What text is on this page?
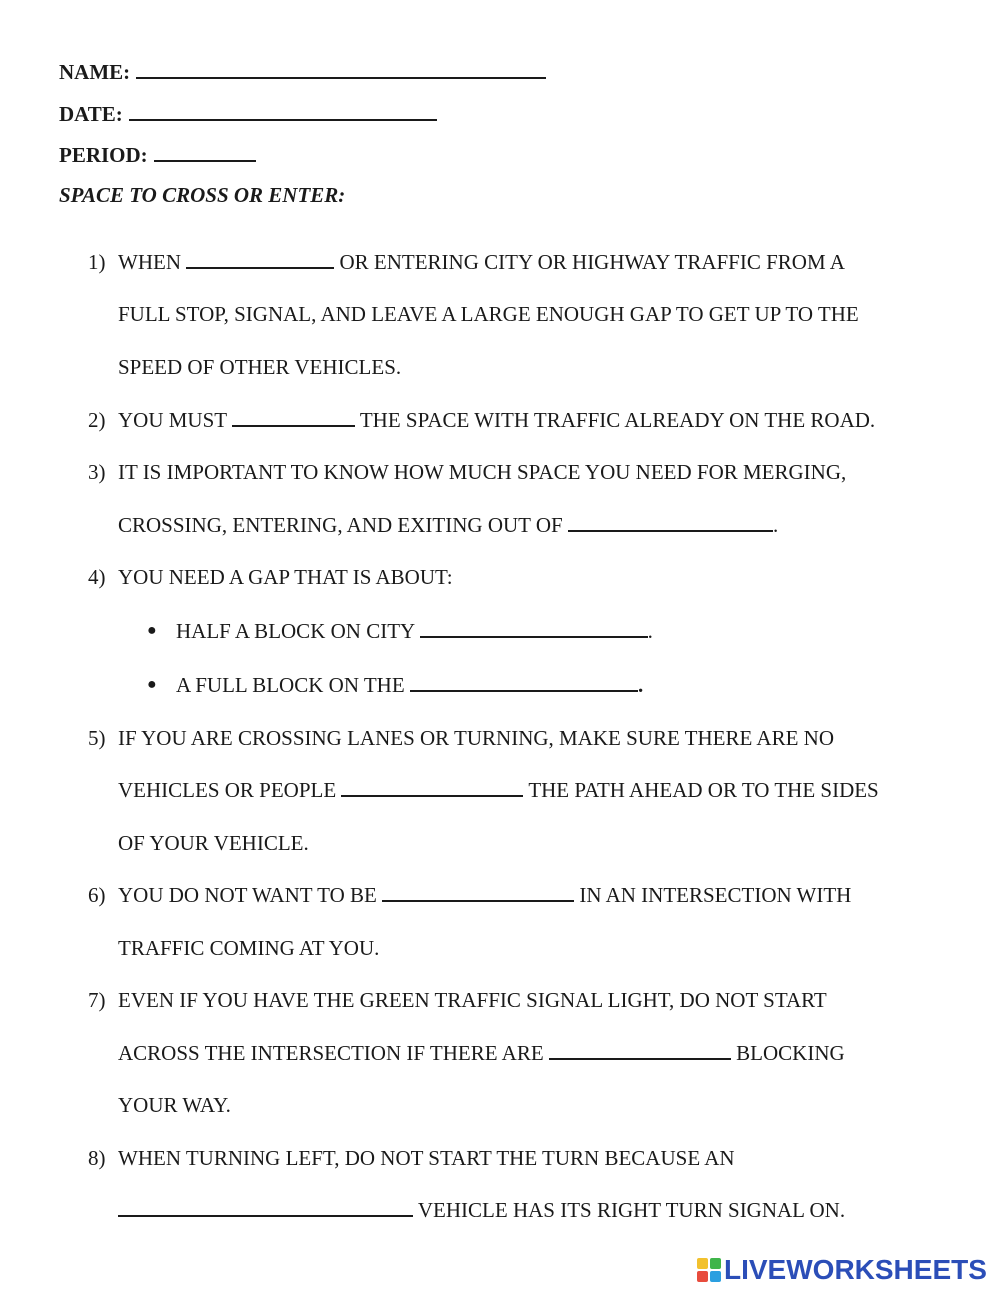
NAME:
DATE:
PERIOD:
SPACE TO CROSS OR ENTER:
1) WHEN	OR ENTERING CITY OR HIGHWAY TRAFFIC FROM A
FULL STOP, SIGNAL, AND LEAVE A LARGE ENOUGH GAP TO GET UP TO THE
SPEED OF OTHER VEHICLES.
2) YOU MUST	THE SPACE WITH TRAFFIC ALREADY ON THE ROAD.
3) IT IS IMPORTANT TO KNOW HOW MUCH SPACE YOU NEED FOR MERGING,
CROSSING, ENTERING, AND EXITING OUT OF	.
4) YOU NEED A GAP THAT IS ABOUT:
● HALF A BLOCK ON CITY	.
● A FULL BLOCK ON THE	.
5) IF YOU ARE CROSSING LANES OR TURNING, MAKE SURE THERE ARE NO
VEHICLES OR PEOPLE	THE PATH AHEAD OR TO THE SIDES
OF YOUR VEHICLE.
6) YOU DO NOT WANT TO BE	IN AN INTERSECTION WITH
TRAFFIC COMING AT YOU.
7) EVEN IF YOU HAVE THE GREEN TRAFFIC SIGNAL LIGHT, DO NOT START
ACROSS THE INTERSECTION IF THERE ARE	BLOCKING
YOUR WAY.
8) WHEN TURNING LEFT, DO NOT START THE TURN BECAUSE AN
VEHICLE HAS ITS RIGHT TURN SIGNAL ON.
LIVEWORKSHEETS
